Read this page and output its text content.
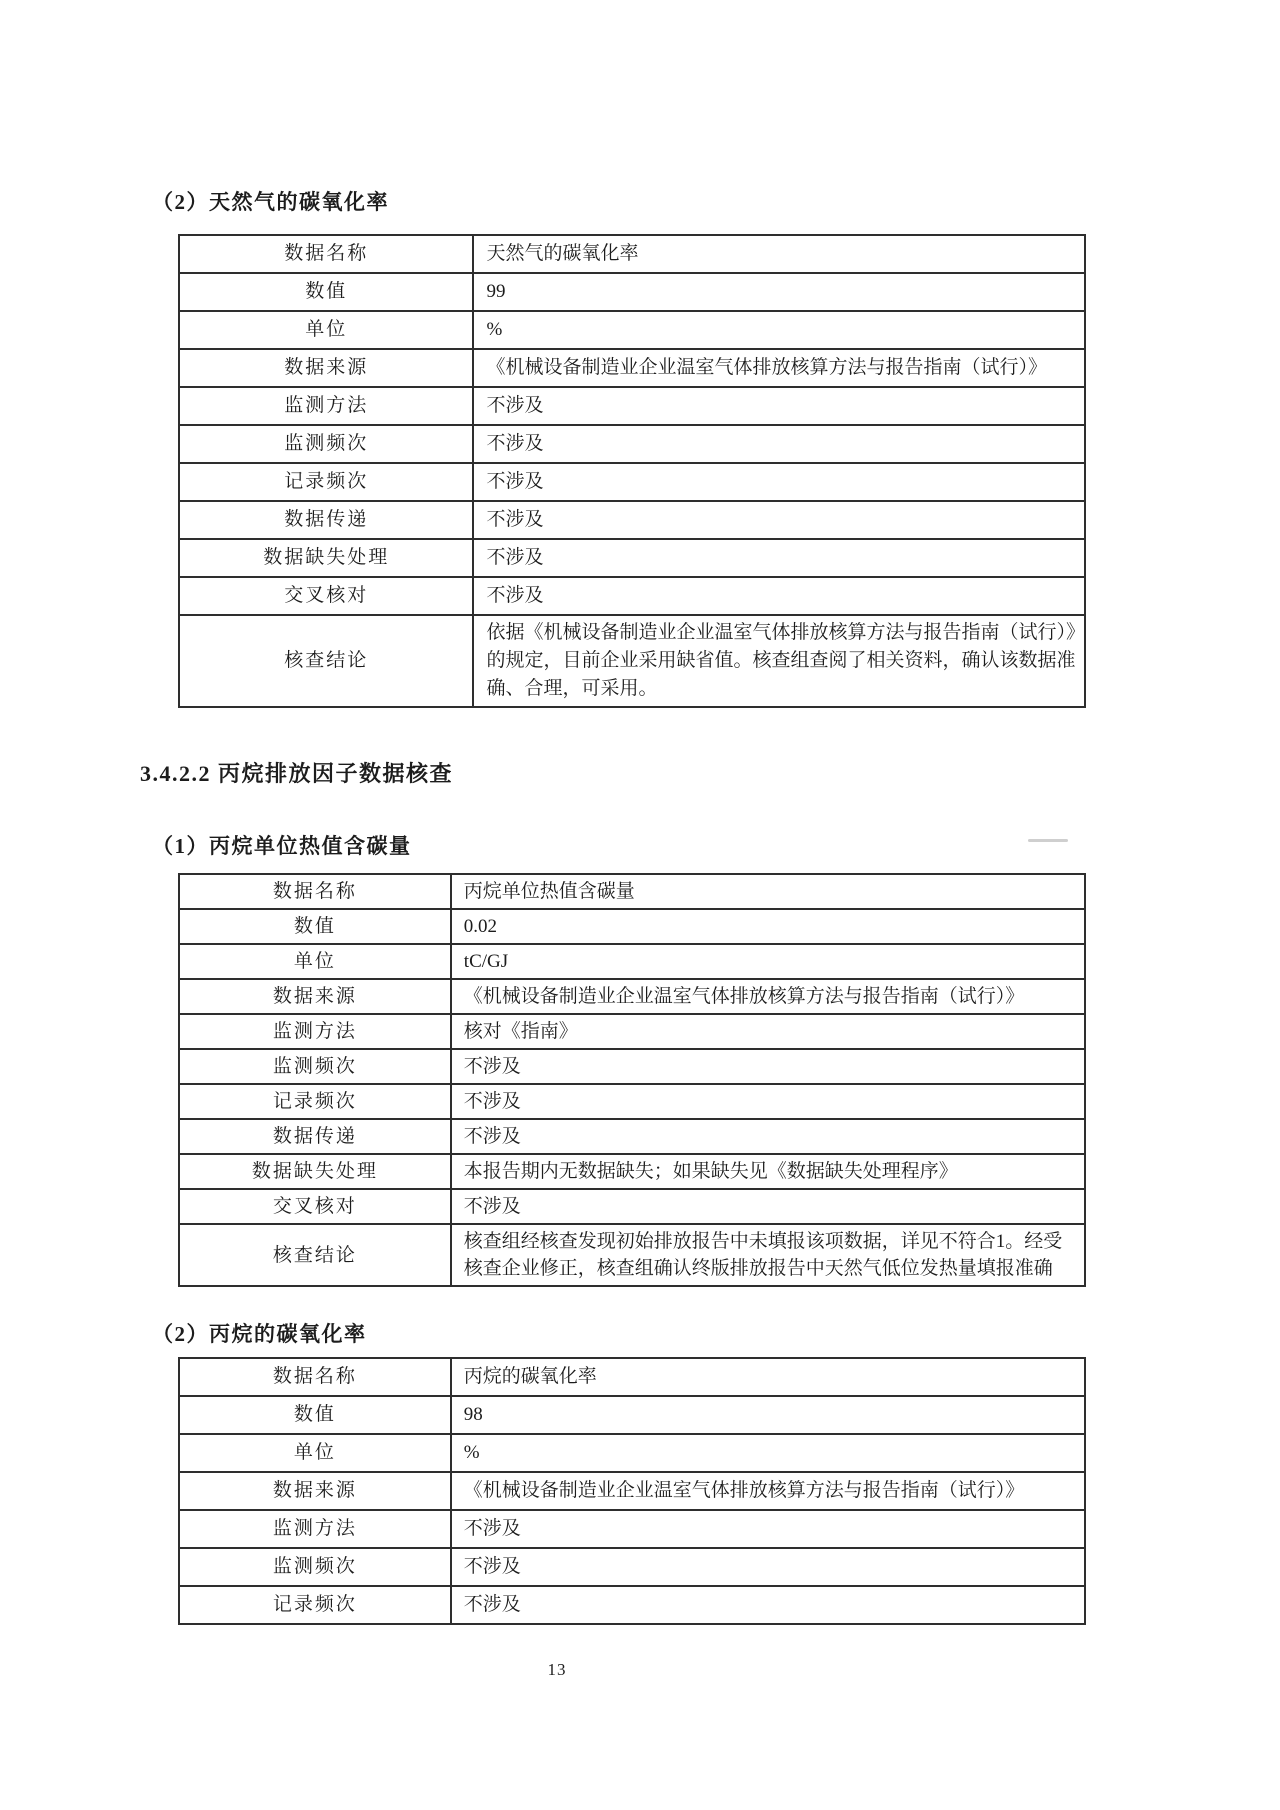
（2）天然气的碳氧化率
数据名称	天然气的碳氧化率
数值	99
单位	%
数据来源	《机械设备制造业企业温室气体排放核算方法与报告指南（试行）》
监测方法	不涉及
监测频次	不涉及
记录频次	不涉及
数据传递	不涉及
数据缺失处理	不涉及
交叉核对	不涉及
核查结论	依据《机械设备制造业企业温室气体排放核算方法与报告指南（试行）》的规定，目前企业采用缺省值。核查组查阅了相关资料，确认该数据准确、合理，可采用。
3.4.2.2 丙烷排放因子数据核查
（1）丙烷单位热值含碳量
数据名称	丙烷单位热值含碳量
数值	0.02
单位	tC/GJ
数据来源	《机械设备制造业企业温室气体排放核算方法与报告指南（试行）》
监测方法	核对《指南》
监测频次	不涉及
记录频次	不涉及
数据传递	不涉及
数据缺失处理	本报告期内无数据缺失；如果缺失见《数据缺失处理程序》
交叉核对	不涉及
核查结论	核查组经核查发现初始排放报告中未填报该项数据，详见不符合1。经受核查企业修正，核查组确认终版排放报告中天然气低位发热量填报准确
（2）丙烷的碳氧化率
数据名称	丙烷的碳氧化率
数值	98
单位	%
数据来源	《机械设备制造业企业温室气体排放核算方法与报告指南（试行）》
监测方法	不涉及
监测频次	不涉及
记录频次	不涉及
13
